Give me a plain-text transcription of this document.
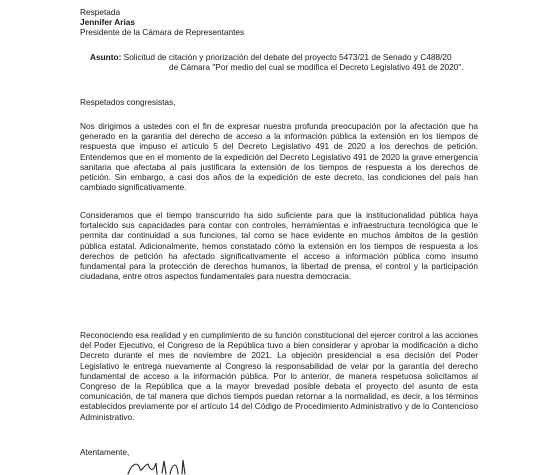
Respetada
Jennifer Arias
Presidente de la Cámara de Representantes
Asunto: Solicitud de citación y priorización del debate del proyecto 5473/21 de Senado y C488/20
de Cámara "Por medio del cual se modifica el Decreto Legislativo 491 de 2020".
Respetados congresistas,
Nos dirigimos a ustedes con el fin de expresar nuestra profunda preocupación por la afectación que ha generado en la garantía del derecho de acceso a la información pública la extensión en los tiempos de respuesta que impuso el artículo 5 del Decreto Legislativo 491 de 2020 a los derechos de petición. Entendemos que en el momento de la expedición del Decreto Legislativo 491 de 2020 la grave emergencia sanitaria que afectaba al país justificara la extensión de los tiempos de respuesta a los derechos de petición. Sin embargo, a casi dos años de la expedición de este decreto, las condiciones del país han cambiado significativamente.
Consideramos que el tiempo transcurrido ha sido suficiente para que la institucionalidad pública haya fortalecido sus capacidades para contar con controles, herramientas e infraestructura tecnológica que le permita dar continuidad a sus funciones, tal como se hace evidente en muchos ámbitos de la gestión pública estatal. Adicionalmente, hemos constatado cómo la extensión en los tiempos de respuesta a los derechos de petición ha afectado significativamente el acceso a información pública como insumo fundamental para la protección de derechos humanos, la libertad de prensa, el control y la participación ciudadana, entre otros aspectos fundamentales para nuestra democracia.
Reconociendo esa realidad y en cumplimiento de su función constitucional del ejercer control a las acciones del Poder Ejecutivo, el Congreso de la República tuvo a bien considerar y aprobar la modificación a dicho Decreto durante el mes de noviembre de 2021. La objeción presidencial a esa decisión del Poder Legislativo le entrega nuevamente al Congreso la responsabilidad de velar por la garantía del derecho fundamental de acceso a la información pública. Por lo anterior, de manera respetuosa solicitamos al Congreso de la República que a la mayor brevedad posible debata el proyecto del asunto de esta comunicación, de tal manera que dichos tiempos puedan retornar a la normalidad, es decir, a los términos establecidos previamente por el artículo 14 del Código de Procedimiento Administrativo y de lo Contencioso Administrativo.
Atentamente,
